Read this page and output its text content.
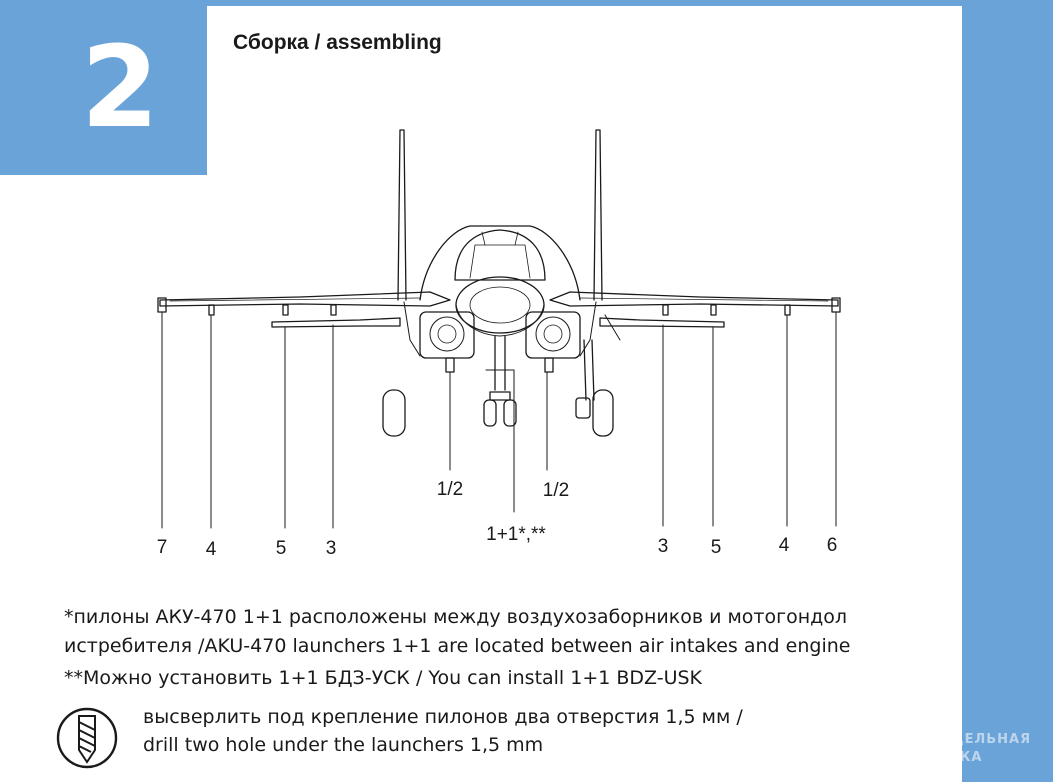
2	Сборка / assembling
7 4	5 3
1/2	1/2
1+1*,**
3 5	4 6
*пилоны АКУ-470 1+1 расположены между воздухозаборников и мотогондол
истребителя /AKU-470 launchers 1+1 are located between air intakes and engine
**Можно установить 1+1 БДЗ-УСК / You can install 1+1 BDZ-USK
высверлить под крепление пилонов два отверстия 1,5 мм /
drill two hole under the launchers 1,5 mm	МОДЕЛЬНАЯ
ЛАВКА
